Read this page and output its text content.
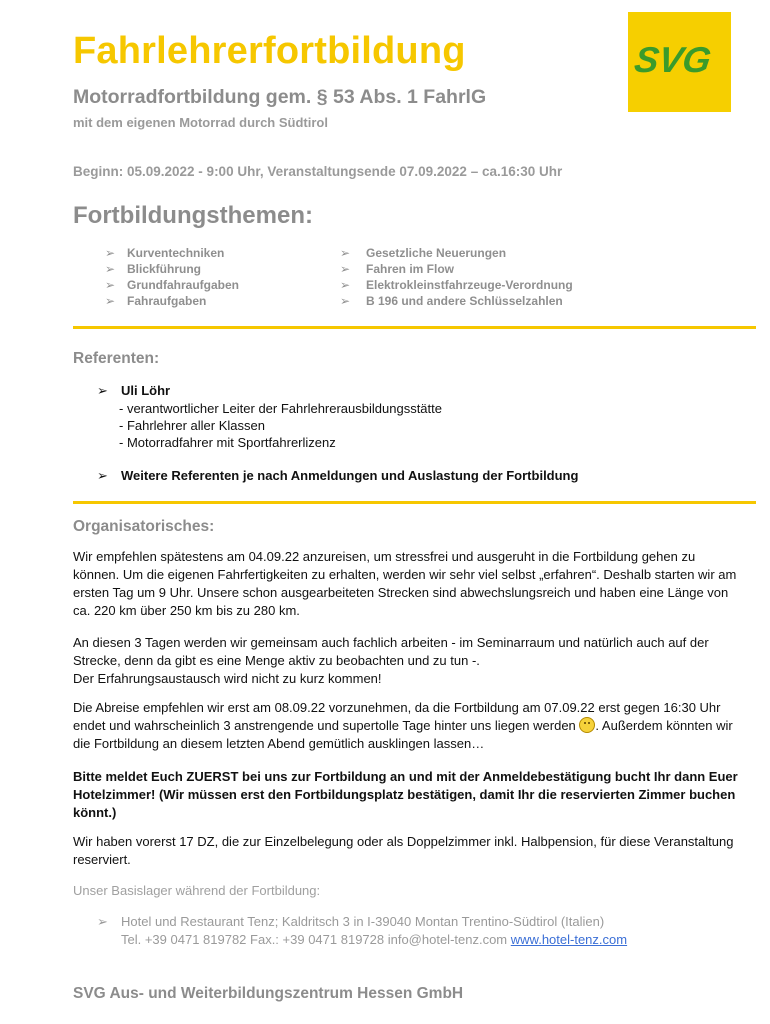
Fahrlehrerfortbildung	SVG
Motorradfortbildung gem. § 53 Abs. 1 FahrlG
mit dem eigenen Motorrad durch Südtirol
Beginn: 05.09.2022 - 9:00 Uhr, Veranstaltungsende 07.09.2022 – ca.16:30 Uhr
Fortbildungsthemen:
➢ Kurventechniken
➢ Blickführung
➢ Grundfahraufgaben
➢ Fahraufgaben
➢ Gesetzliche Neuerungen
➢ Fahren im Flow
➢ Elektrokleinstfahrzeuge-Verordnung
➢ B 196 und andere Schlüsselzahlen
Referenten:
➢ Uli Löhr
- verantwortlicher Leiter der Fahrlehrerausbildungsstätte
- Fahrlehrer aller Klassen
- Motorradfahrer mit Sportfahrerlizenz
➢ Weitere Referenten je nach Anmeldungen und Auslastung der Fortbildung
Organisatorisches:
Wir empfehlen spätestens am 04.09.22 anzureisen, um stressfrei und ausgeruht in die Fortbildung gehen zu können. Um die eigenen Fahrfertigkeiten zu erhalten, werden wir sehr viel selbst „erfahren“. Deshalb starten wir am ersten Tag um 9 Uhr. Unsere schon ausgearbeiteten Strecken sind abwechslungsreich und haben eine Länge von ca. 220 km über 250 km bis zu 280 km.
An diesen 3 Tagen werden wir gemeinsam auch fachlich arbeiten - im Seminarraum und natürlich auch auf der Strecke, denn da gibt es eine Menge aktiv zu beobachten und zu tun -.
Der Erfahrungsaustausch wird nicht zu kurz kommen!
Die Abreise empfehlen wir erst am 08.09.22 vorzunehmen, da die Fortbildung am 07.09.22 erst gegen 16:30 Uhr endet und wahrscheinlich 3 anstrengende und supertolle Tage hinter uns liegen werden . Außerdem könnten wir die Fortbildung an diesem letzten Abend gemütlich ausklingen lassen…
Bitte meldet Euch ZUERST bei uns zur Fortbildung an und mit der Anmeldebestätigung bucht Ihr dann Euer Hotelzimmer! (Wir müssen erst den Fortbildungsplatz bestätigen, damit Ihr die reservierten Zimmer buchen könnt.)
Wir haben vorerst 17 DZ, die zur Einzelbelegung oder als Doppelzimmer inkl. Halbpension, für diese Veranstaltung reserviert.
Unser Basislager während der Fortbildung:
➢ Hotel und Restaurant Tenz; Kaldritsch 3 in I-39040 Montan Trentino-Südtirol (Italien)
Tel. +39 0471 819782 Fax.: +39 0471 819728 info@hotel-tenz.com www.hotel-tenz.com
SVG Aus- und Weiterbildungszentrum Hessen GmbH
